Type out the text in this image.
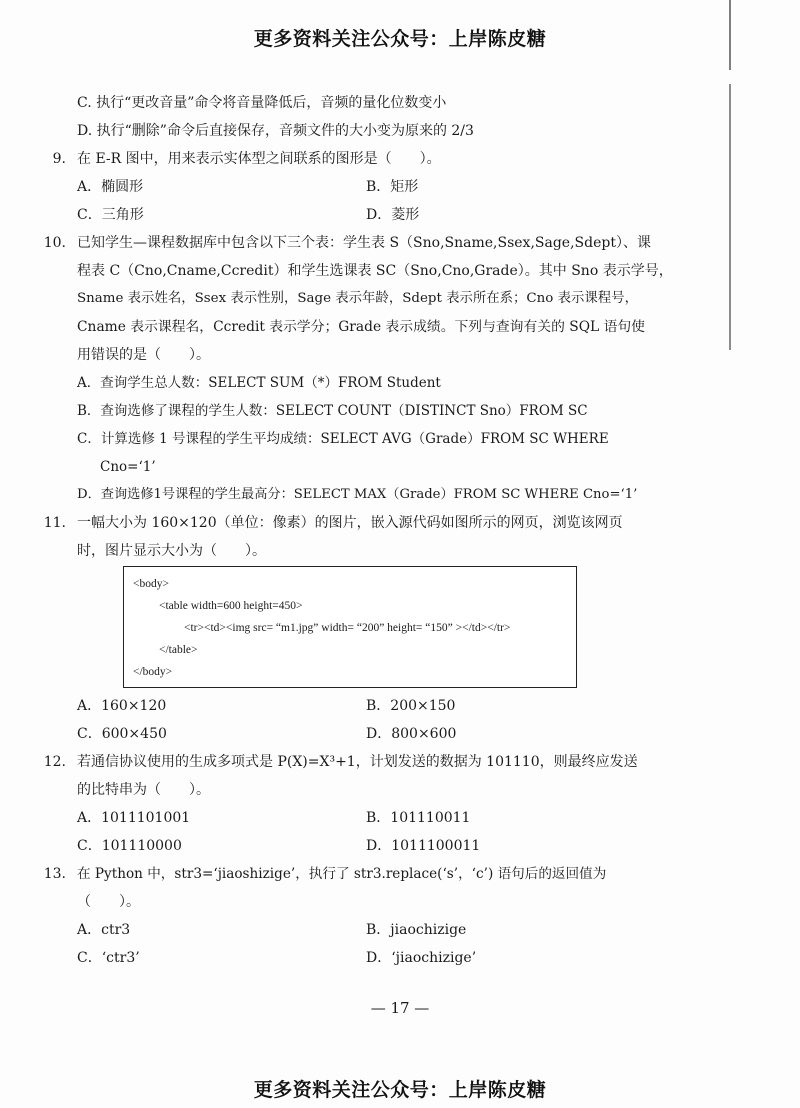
更多资料关注公众号：上岸陈皮糖
C. 执行“更改音量”命令将音量降低后，音频的量化位数变小
D. 执行“删除”命令后直接保存，音频文件的大小变为原来的 2/3
9. 在 E-R 图中，用来表示实体型之间联系的图形是（　　）。
A．椭圆形	B．矩形
C．三角形	D．菱形
10. 已知学生—课程数据库中包含以下三个表：学生表 S（Sno,Sname,Ssex,Sage,Sdept）、课
程表 C（Cno,Cname,Ccredit）和学生选课表 SC（Sno,Cno,Grade）。其中 Sno 表示学号，
Sname 表示姓名，Ssex 表示性别，Sage 表示年龄，Sdept 表示所在系；Cno 表示课程号，
Cname 表示课程名，Ccredit 表示学分；Grade 表示成绩。下列与查询有关的 SQL 语句使
用错误的是（　　）。
A．查询学生总人数：SELECT SUM（*）FROM Student
B．查询选修了课程的学生人数：SELECT COUNT（DISTINCT Sno）FROM SC
C．计算选修 1 号课程的学生平均成绩：SELECT AVG（Grade）FROM SC WHERE
Cno=‘1’
D．查询选修1号课程的学生最高分：SELECT MAX（Grade）FROM SC WHERE Cno=‘1’
11. 一幅大小为 160×120（单位：像素）的图片，嵌入源代码如图所示的网页，浏览该网页
时，图片显示大小为（　　）。
<body>
<table width=600 height=450>
<tr><td><img src= “m1.jpg” width= “200” height= “150” ></td></tr>
</table>
</body>
A．160×120	B．200×150
C．600×450	D．800×600
12. 若通信协议使用的生成多项式是 P(X)=X³+1，计划发送的数据为 101110，则最终应发送
的比特串为（　　）。
A．1011101001	B．101110011
C．101110000	D．1011100011
13. 在 Python 中，str3=‘jiaoshizige’，执行了 str3.replace(‘s’，‘c’) 语句后的返回值为
（　　）。
A．ctr3	B．jiaochizige
C．‘ctr3’	D．‘jiaochizige’
— 17 —
更多资料关注公众号：上岸陈皮糖
